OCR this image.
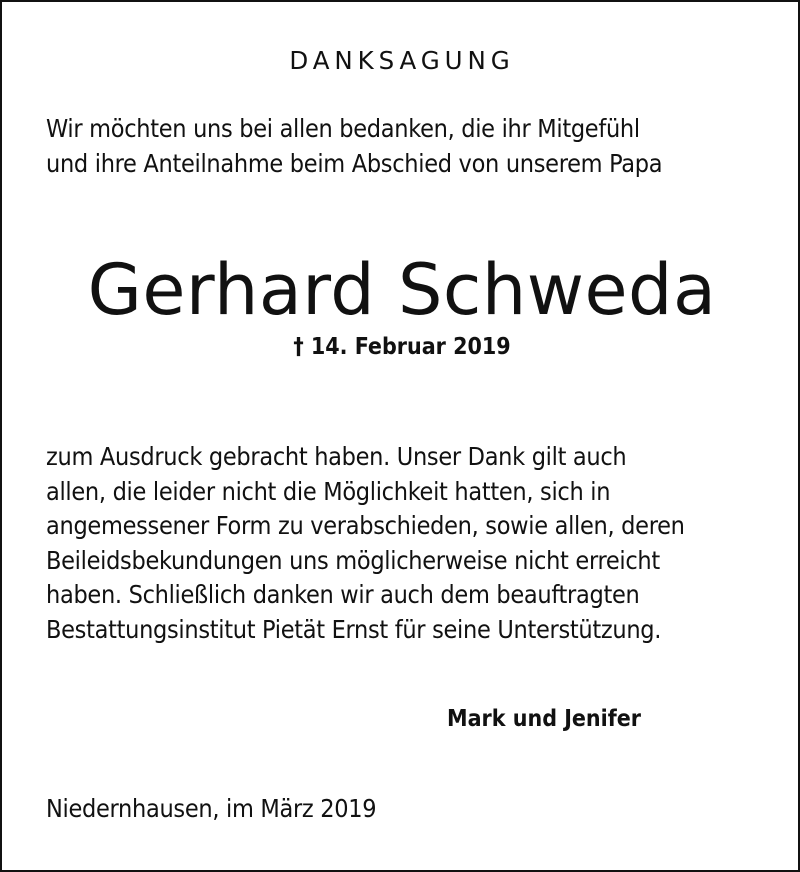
DANKSAGUNG

Wir möchten uns bei allen bedanken, die ihr Mitgefühl
und ihre Anteilnahme beim Abschied von unserem Papa

Gerhard Schweda
† 14. Februar 2019

zum Ausdruck gebracht haben. Unser Dank gilt auch
allen, die leider nicht die Möglichkeit hatten, sich in
angemessener Form zu verabschieden, sowie allen, deren
Beileidsbekundungen uns möglicherweise nicht erreicht
haben. Schließlich danken wir auch dem beauftragten
Bestattungsinstitut Pietät Ernst für seine Unterstützung.

Mark und Jenifer
Niedernhausen, im März 2019
